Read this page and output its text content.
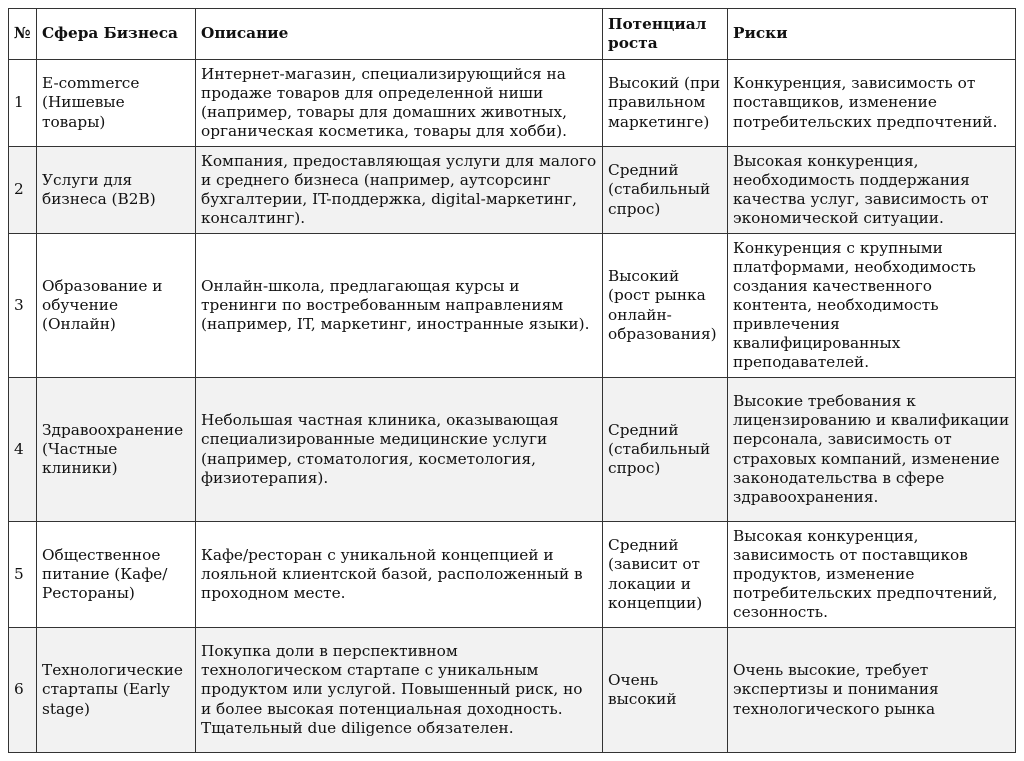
№	Сфера Бизнеса	Описание	Потенциал роста	Риски
1	E-commerce (Нишевые товары)	Интернет-магазин, специализирующийся на продаже товаров для определенной ниши (например, товары для домашних животных, органическая косметика, товары для хобби).	Высокий (при правильном маркетинге)	Конкуренция, зависимость от поставщиков, изменение потребительских предпочтений.
2	Услуги для бизнеса (B2B)	Компания, предоставляющая услуги для малого и среднего бизнеса (например, аутсорсинг бухгалтерии, IT-поддержка, digital-маркетинг, консалтинг).	Средний (стабильный спрос)	Высокая конкуренция, необходимость поддержания качества услуг, зависимость от экономической ситуации.
3	Образование и обучение (Онлайн)	Онлайн-школа, предлагающая курсы и тренинги по востребованным направлениям (например, IT, маркетинг, иностранные языки).	Высокий (рост рынка онлайн-образования)	Конкуренция с крупными платформами, необходимость создания качественного контента, необходимость привлечения квалифицированных преподавателей.
4	Здравоохранение (Частные клиники)	Небольшая частная клиника, оказывающая специализированные медицинские услуги (например, стоматология, косметология, физиотерапия).	Средний (стабильный спрос)	Высокие требования к лицензированию и квалификации персонала, зависимость от страховых компаний, изменение законодательства в сфере здравоохранения.
5	Общественное питание (Кафе/Рестораны)	Кафе/ресторан с уникальной концепцией и лояльной клиентской базой, расположенный в проходном месте.	Средний (зависит от локации и концепции)	Высокая конкуренция, зависимость от поставщиков продуктов, изменение потребительских предпочтений, сезонность.
6	Технологические стартапы (Early stage)	Покупка доли в перспективном технологическом стартапе с уникальным продуктом или услугой. Повышенный риск, но и более высокая потенциальная доходность. Тщательный due diligence обязателен.	Очень высокий	Очень высокие, требует экспертизы и понимания технологического рынка
